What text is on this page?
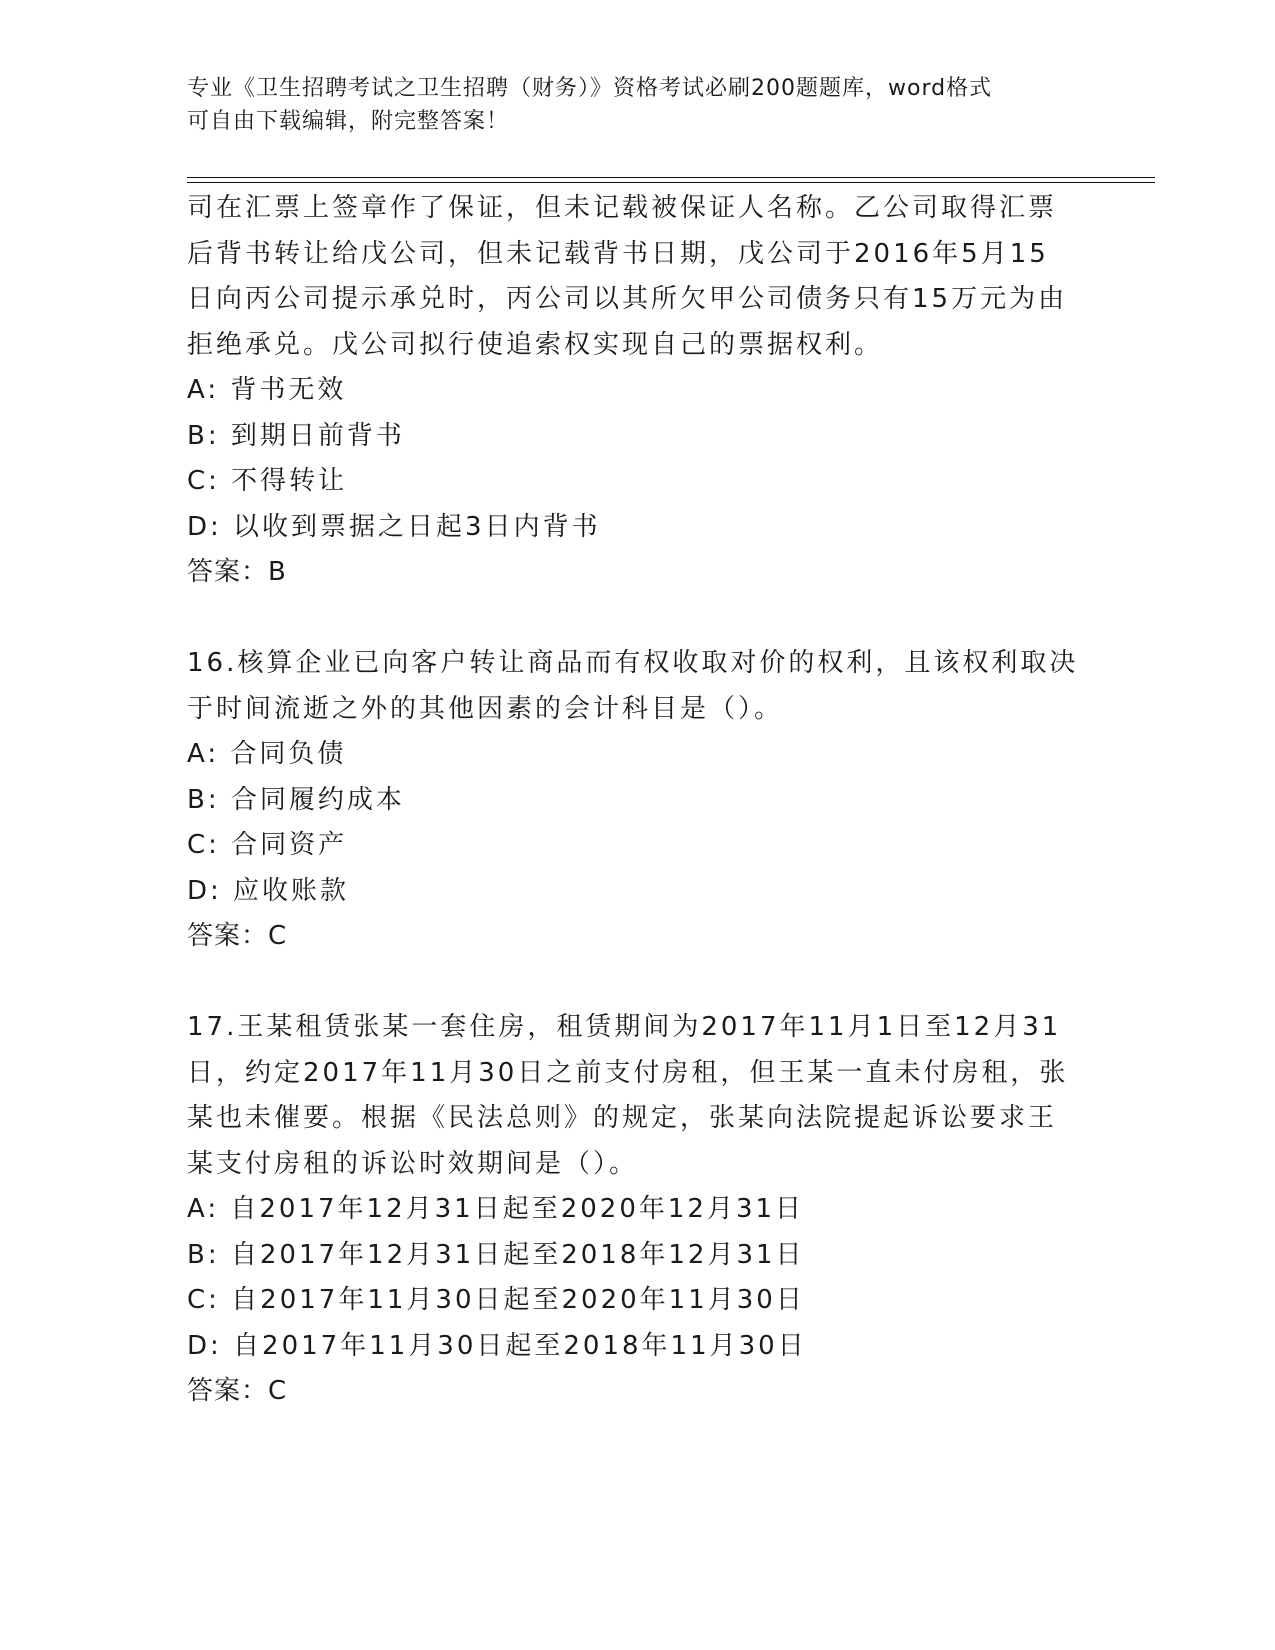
专业《卫生招聘考试之卫生招聘（财务）》资格考试必刷200题题库，word格式

可自由下载编辑，附完整答案！

司在汇票上签章作了保证，但未记载被保证人名称。乙公司取得汇票
后背书转让给戊公司，但未记载背书日期，戊公司于2016年5月15
日向丙公司提示承兑时，丙公司以其所欠甲公司债务只有15万元为由
拒绝承兑。戊公司拟行使追索权实现自己的票据权利。
A: 背书无效
B: 到期日前背书
C: 不得转让
D: 以收到票据之日起3日内背书
答案：B
16.核算企业已向客户转让商品而有权收取对价的权利，且该权利取决
于时间流逝之外的其他因素的会计科目是（）。
A: 合同负债
B: 合同履约成本
C: 合同资产
D: 应收账款
答案：C
17.王某租赁张某一套住房，租赁期间为2017年11月1日至12月31
日，约定2017年11月30日之前支付房租，但王某一直未付房租，张
某也未催要。根据《民法总则》的规定，张某向法院提起诉讼要求王
某支付房租的诉讼时效期间是（）。
A: 自2017年12月31日起至2020年12月31日
B: 自2017年12月31日起至2018年12月31日
C: 自2017年11月30日起至2020年11月30日
D: 自2017年11月30日起至2018年11月30日
答案：C
